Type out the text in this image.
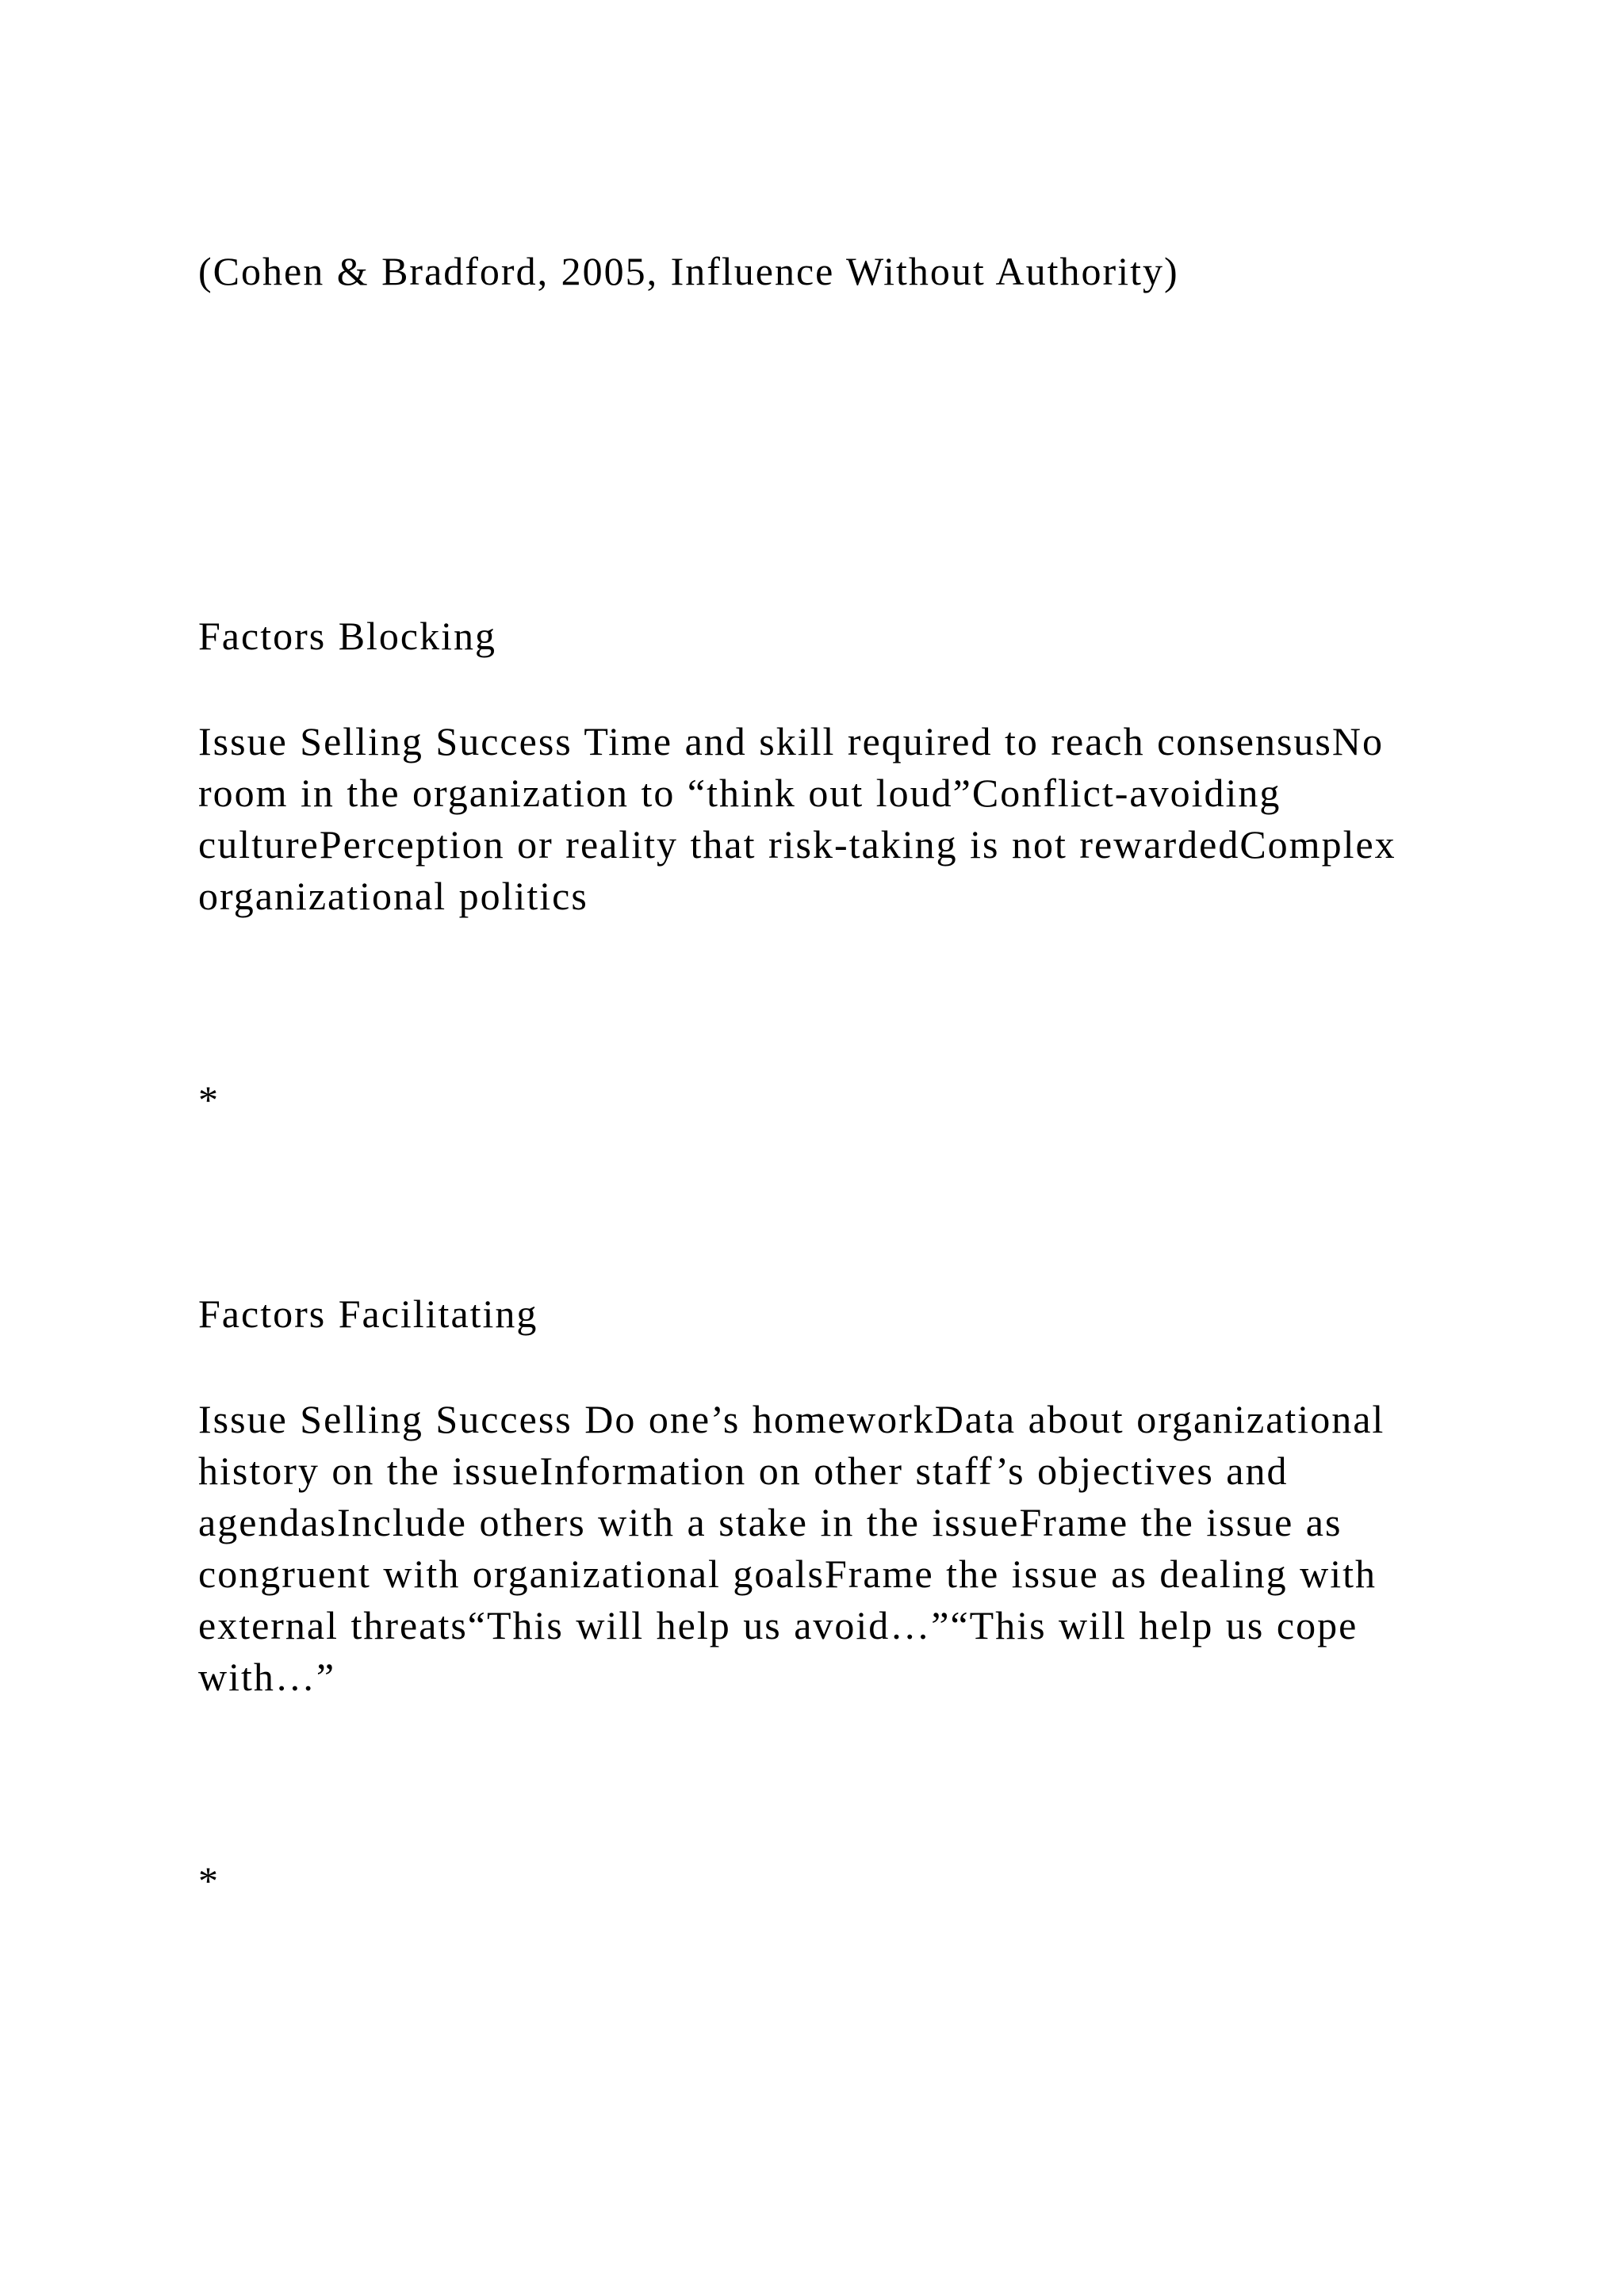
(Cohen & Bradford, 2005, Influence Without Authority)

Factors Blocking

Issue Selling Success Time and skill required to reach consensusNo room in the organization to “think out loud”Conflict-avoiding culturePerception or reality that risk-taking is not rewardedComplex organizational politics

*

Factors Facilitating

Issue Selling Success Do one’s homeworkData about organizational history on the issueInformation on other staff’s objectives and agendasInclude others with a stake in the issueFrame the issue as congruent with organizational goalsFrame the issue as dealing with external threats“This will help us avoid…”“This will help us cope with…”

*
